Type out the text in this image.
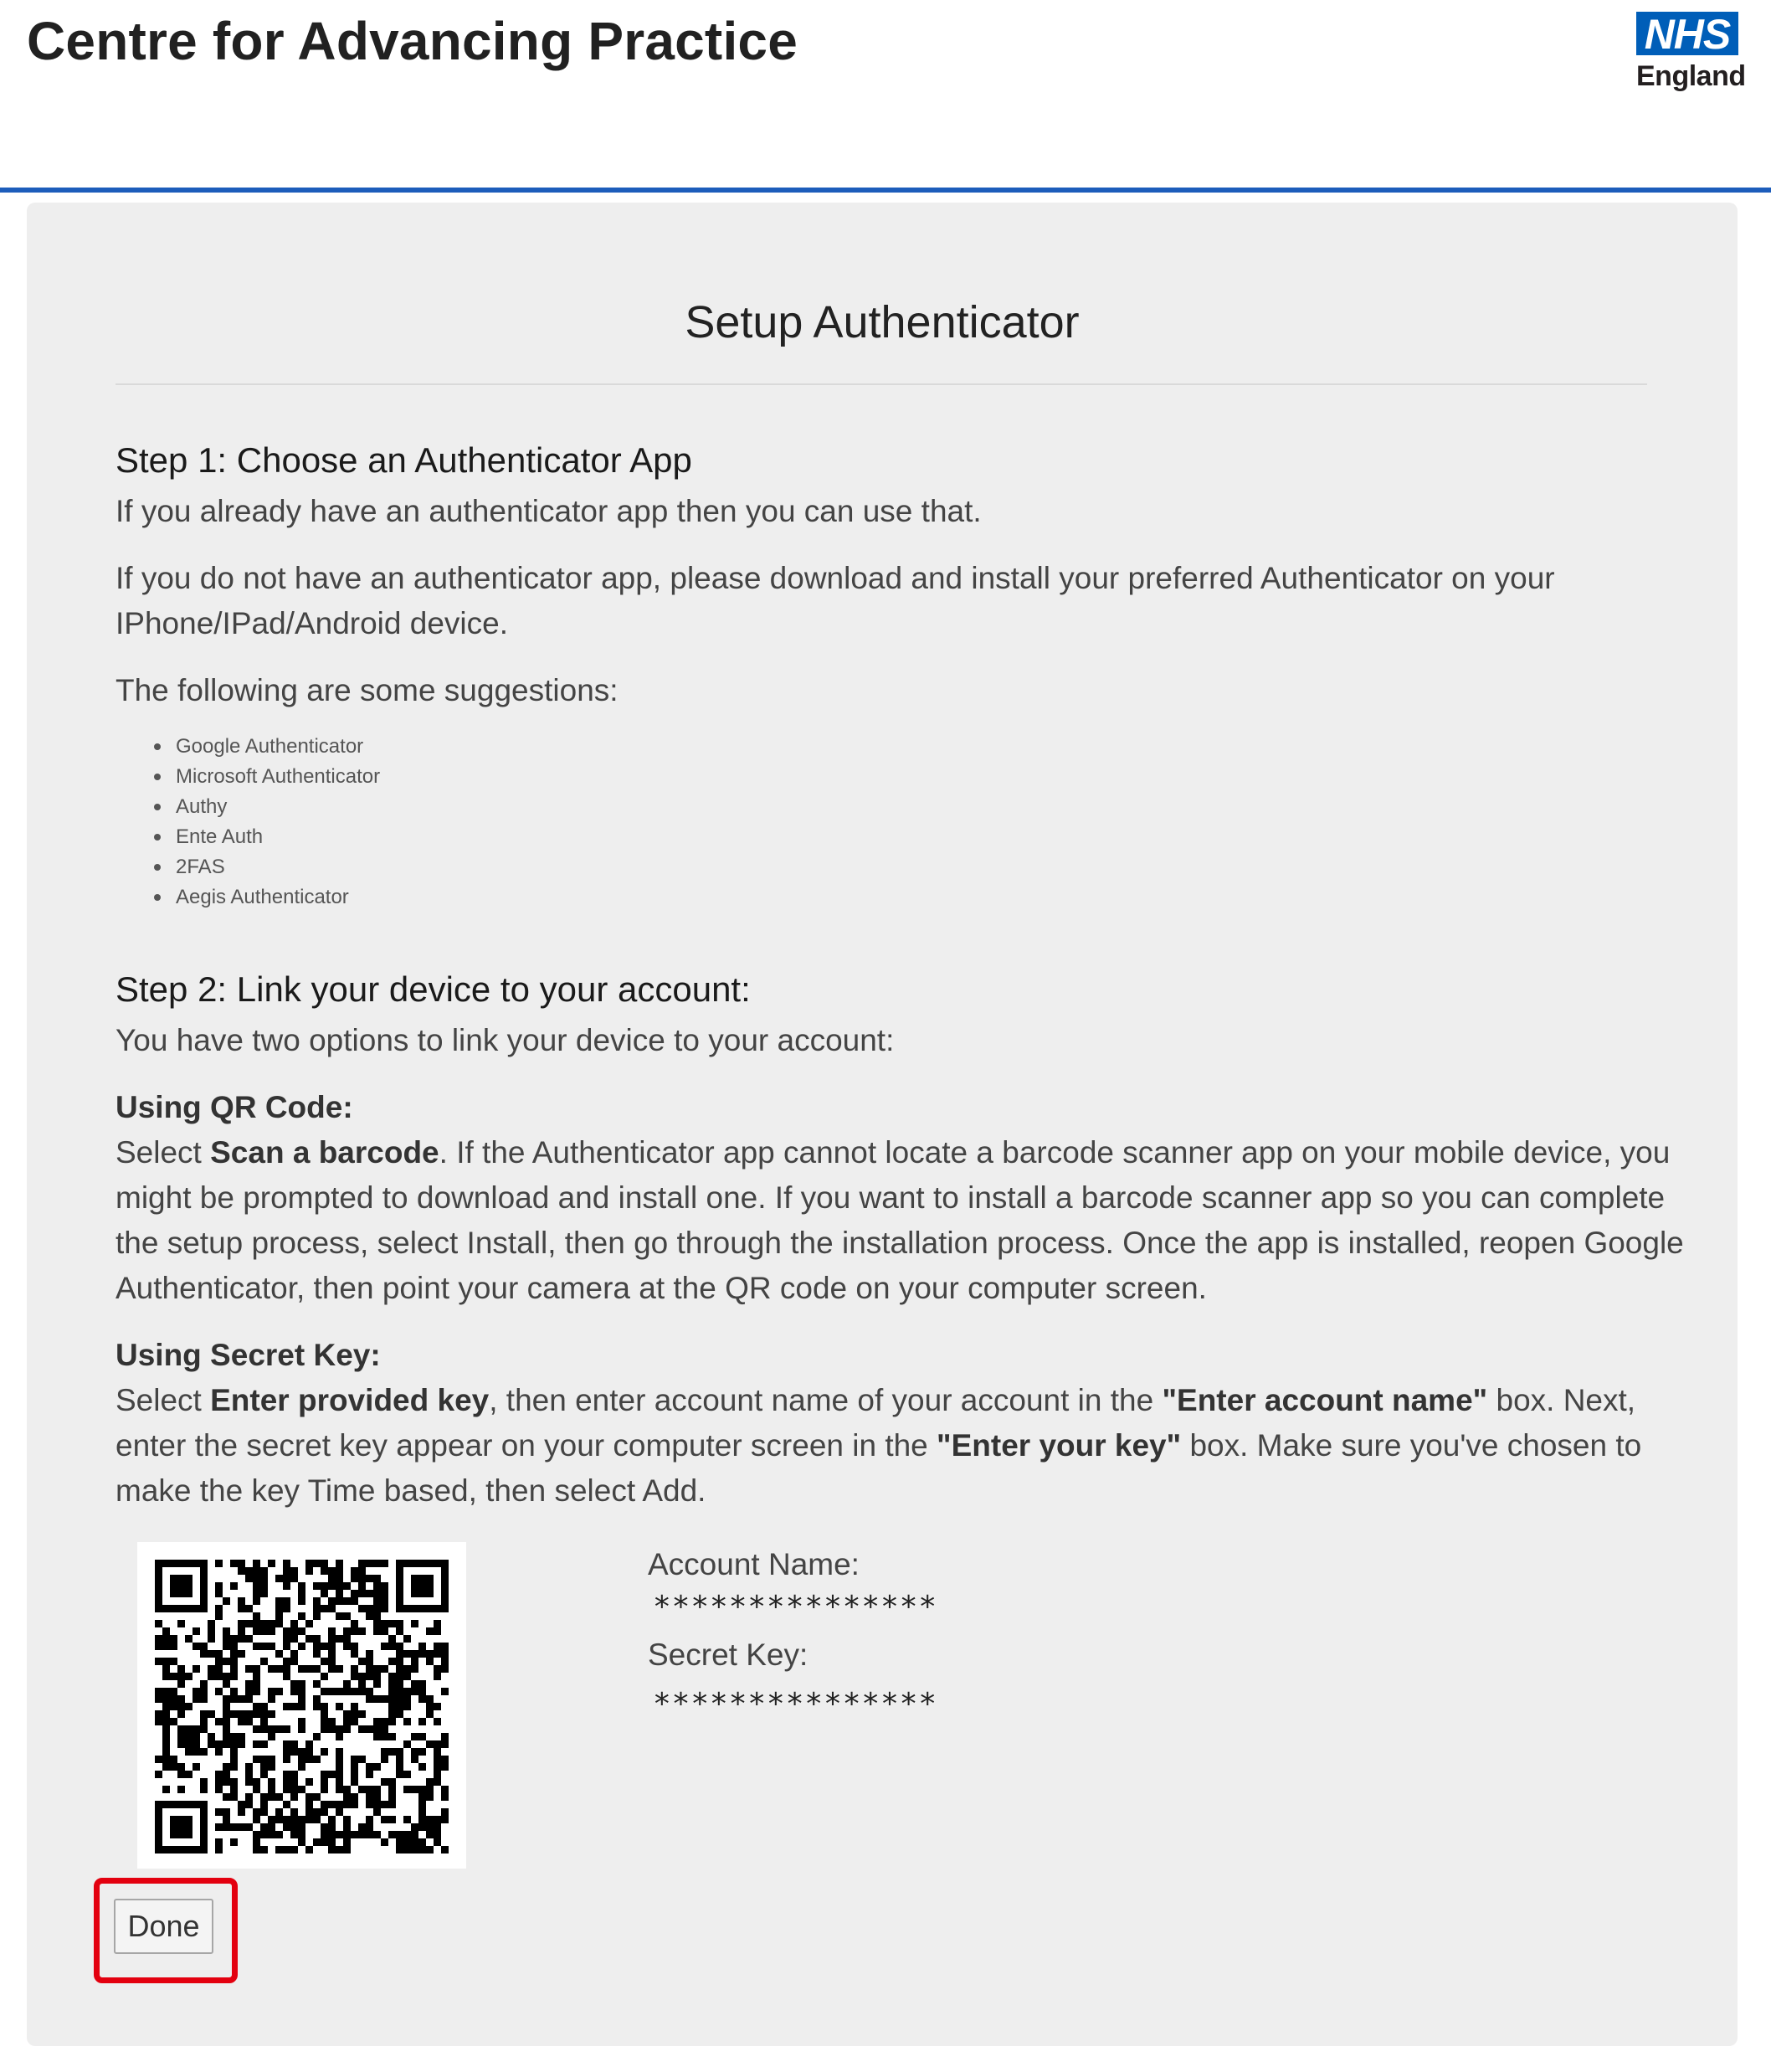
Centre for Advancing Practice	NHS
England
Setup Authenticator
Step 1: Choose an Authenticator App
If you already have an authenticator app then you can use that.
If you do not have an authenticator app, please download and install your preferred Authenticator on your IPhone/IPad/Android device.
The following are some suggestions:
Google Authenticator
Microsoft Authenticator
Authy
Ente Auth
2FAS
Aegis Authenticator
Step 2: Link your device to your account:
You have two options to link your device to your account:
Using QR Code:
Select Scan a barcode. If the Authenticator app cannot locate a barcode scanner app on your mobile device, you might be prompted to download and install one. If you want to install a barcode scanner app so you can complete the setup process, select Install, then go through the installation process. Once the app is installed, reopen Google Authenticator, then point your camera at the QR code on your computer screen.
Using Secret Key:
Select Enter provided key, then enter account name of your account in the "Enter account name" box. Next, enter the secret key appear on your computer screen in the "Enter your key" box. Make sure you've chosen to make the key Time based, then select Add.
Account Name:
***************
Secret Key:
***************
Done
